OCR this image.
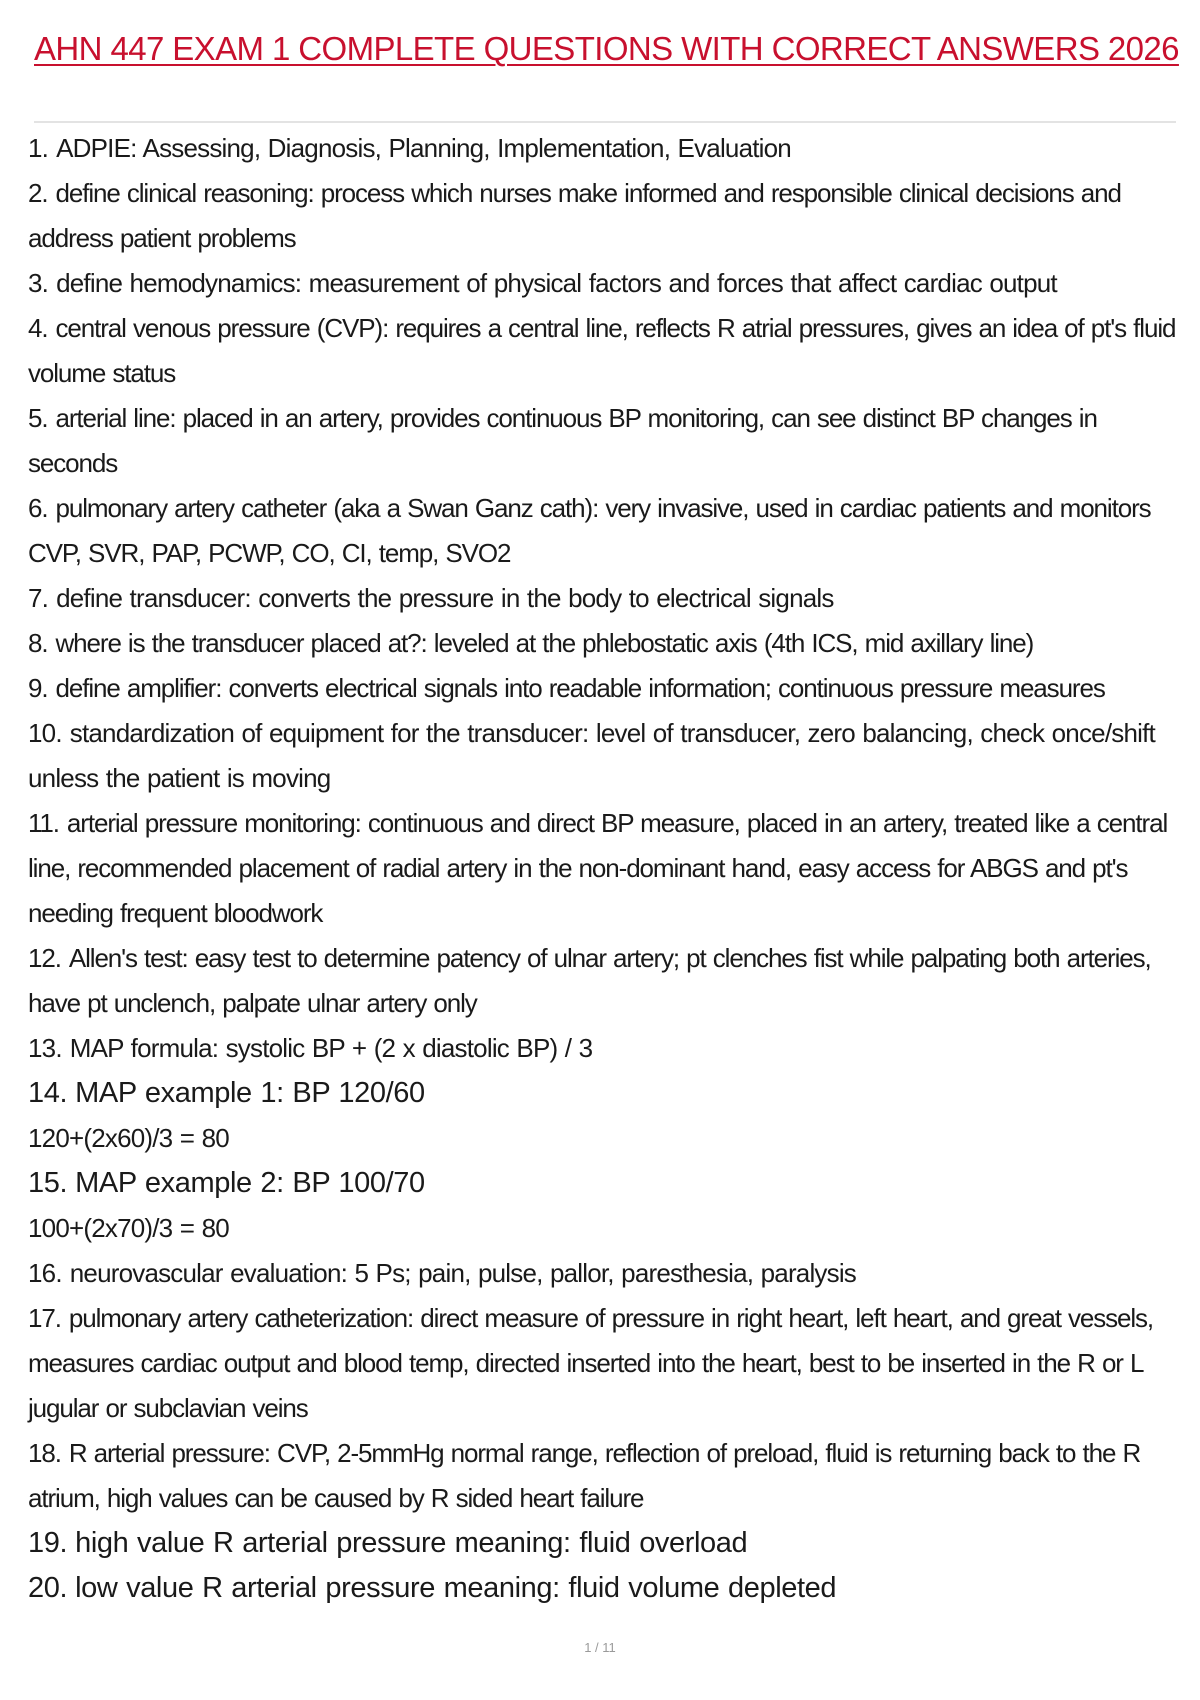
AHN 447 EXAM 1 COMPLETE QUESTIONS WITH CORRECT ANSWERS 2026
1. ADPIE: Assessing, Diagnosis, Planning, Implementation, Evaluation
2. define clinical reasoning: process which nurses make informed and responsible clinical decisions and address patient problems
3. define hemodynamics: measurement of physical factors and forces that affect cardiac output
4. central venous pressure (CVP): requires a central line, reflects R atrial pressures, gives an idea of pt's fluid volume status
5. arterial line: placed in an artery, provides continuous BP monitoring, can see distinct BP changes in seconds
6. pulmonary artery catheter (aka a Swan Ganz cath): very invasive, used in cardiac patients and monitors CVP, SVR, PAP, PCWP, CO, CI, temp, SVO2
7. define transducer: converts the pressure in the body to electrical signals
8. where is the transducer placed at?: leveled at the phlebostatic axis (4th ICS, mid axillary line)
9. define amplifier: converts electrical signals into readable information; continuous pressure measures
10. standardization of equipment for the transducer: level of transducer, zero balancing, check once/shift unless the patient is moving
11. arterial pressure monitoring: continuous and direct BP measure, placed in an artery, treated like a central line, recommended placement of radial artery in the non-dominant hand, easy access for ABGS and pt's needing frequent bloodwork
12. Allen's test: easy test to determine patency of ulnar artery; pt clenches fist while palpating both arteries, have pt unclench, palpate ulnar artery only
13. MAP formula: systolic BP + (2 x diastolic BP) / 3
14. MAP example 1: BP 120/60
120+(2x60)/3 = 80
15. MAP example 2: BP 100/70
100+(2x70)/3 = 80
16. neurovascular evaluation: 5 Ps; pain, pulse, pallor, paresthesia, paralysis
17. pulmonary artery catheterization: direct measure of pressure in right heart, left heart, and great vessels, measures cardiac output and blood temp, directed inserted into the heart, best to be inserted in the R or L jugular or subclavian veins
18. R arterial pressure: CVP, 2-5mmHg normal range, reflection of preload, fluid is returning back to the R atrium, high values can be caused by R sided heart failure
19. high value R arterial pressure meaning: fluid overload
20. low value R arterial pressure meaning: fluid volume depleted
1 / 11
